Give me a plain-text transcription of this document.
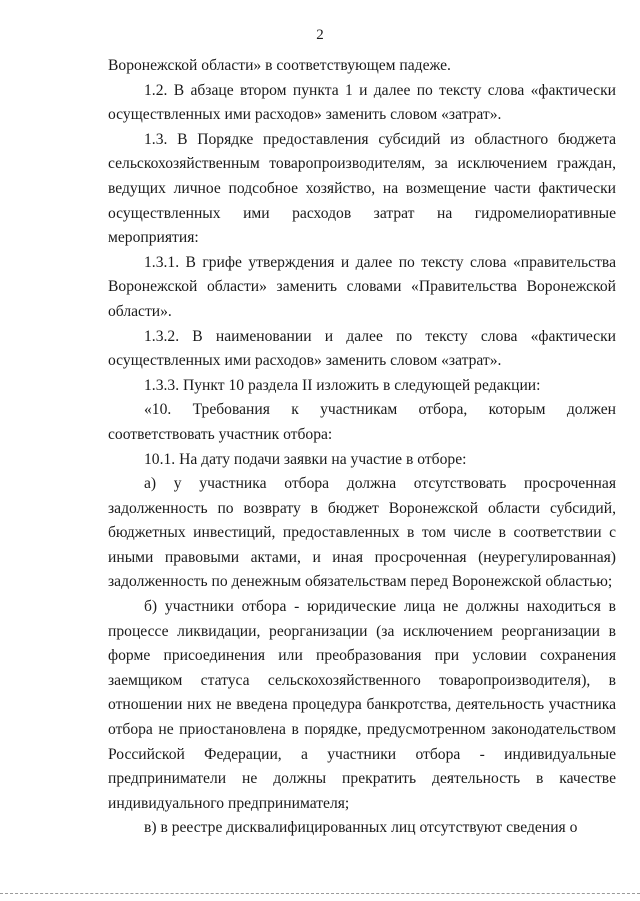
2

Воронежской области» в соответствующем падеже.

1.2. В абзаце втором пункта 1 и далее по тексту слова «фактически осуществленных ими расходов» заменить словом «затрат».

1.3. В Порядке предоставления субсидий из областного бюджета сельскохозяйственным товаропроизводителям, за исключением граждан, ведущих личное подсобное хозяйство, на возмещение части фактически осуществленных ими расходов затрат на гидромелиоративные мероприятия:

1.3.1. В грифе утверждения и далее по тексту слова «правительства Воронежской области» заменить словами «Правительства Воронежской области».

1.3.2. В наименовании и далее по тексту слова «фактически осуществленных ими расходов» заменить словом «затрат».

1.3.3. Пункт 10 раздела II изложить в следующей редакции:

«10. Требования к участникам отбора, которым должен соответствовать участник отбора:

10.1. На дату подачи заявки на участие в отборе:

а) у участника отбора должна отсутствовать просроченная задолженность по возврату в бюджет Воронежской области субсидий, бюджетных инвестиций, предоставленных в том числе в соответствии с иными правовыми актами, и иная просроченная (неурегулированная) задолженность по денежным обязательствам перед Воронежской областью;

б) участники отбора - юридические лица не должны находиться в процессе ликвидации, реорганизации (за исключением реорганизации в форме присоединения или преобразования при условии сохранения заемщиком статуса сельскохозяйственного товаропроизводителя), в отношении них не введена процедура банкротства, деятельность участника отбора не приостановлена в порядке, предусмотренном законодательством Российской Федерации, а участники отбора - индивидуальные предприниматели не должны прекратить деятельность в качестве индивидуального предпринимателя;

в) в реестре дисквалифицированных лиц отсутствуют сведения о
